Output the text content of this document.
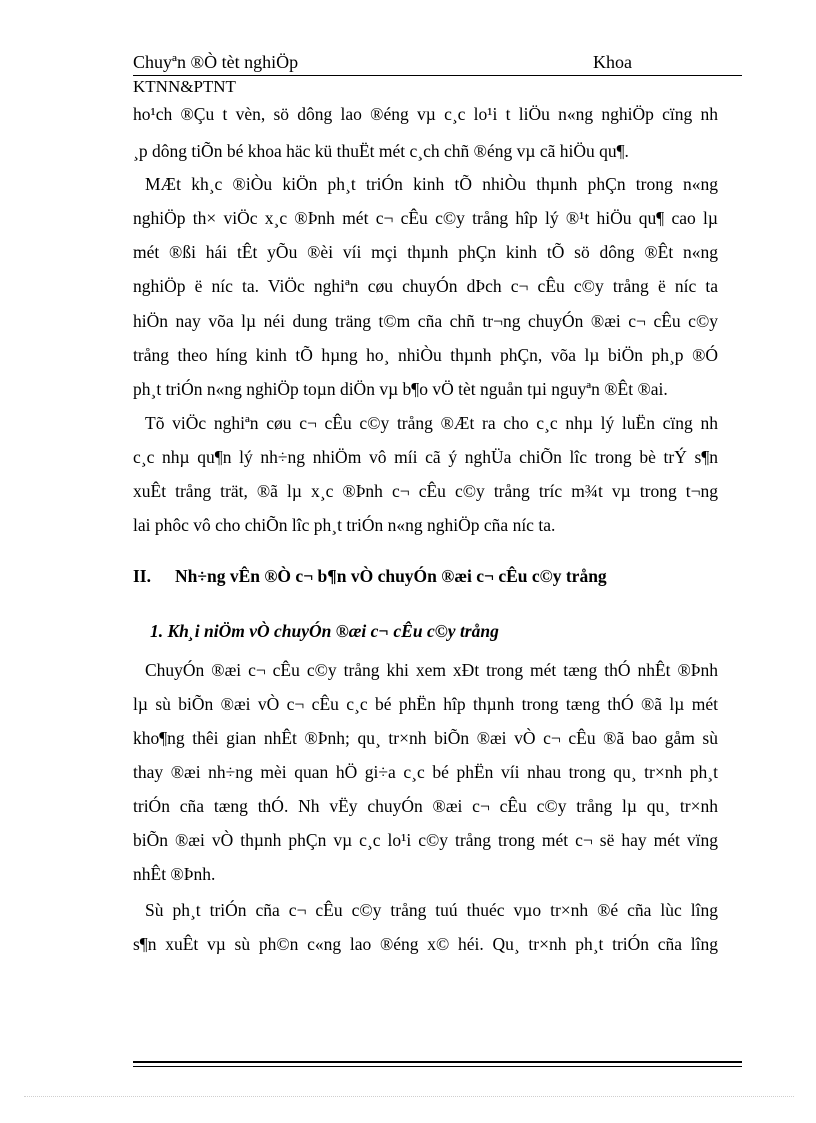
Chuyªn ®Ò tèt nghiÖp	Khoa
KTNN&PTNT
ho¹ch ®Çu t vèn, sö dông lao ®éng vµ c¸c lo¹i t liÖu n«ng nghiÖp cïng nh
¸p dông tiÕn bé khoa häc kü thuËt mét c¸ch chñ ®éng vµ cã hiÖu qu¶.
MÆt kh¸c ®iÒu kiÖn ph¸t triÓn kinh tÕ nhiÒu thµnh phÇn trong n«ng
nghiÖp th× viÖc x¸c ®Þnh mét c¬ cÊu c©y trång hîp lý ®¹t hiÖu qu¶ cao lµ
mét ®ßi hái tÊt yÕu ®èi víi mçi thµnh phÇn kinh tÕ sö dông ®Êt n«ng
nghiÖp ë níc ta. ViÖc nghiªn cøu chuyÓn dÞch c¬ cÊu c©y trång ë níc ta
hiÖn nay võa lµ néi dung träng t©m cña chñ tr¬ng chuyÓn ®æi c¬ cÊu c©y
trång theo híng kinh tÕ hµng ho¸ nhiÒu thµnh phÇn, võa lµ biÖn ph¸p ®Ó
ph¸t triÓn n«ng nghiÖp toµn diÖn vµ b¶o vÖ tèt nguån tµi nguyªn ®Êt ®ai.
Tõ viÖc nghiªn cøu c¬ cÊu c©y trång ®Æt ra cho c¸c nhµ lý luËn cïng nh
c¸c nhµ qu¶n lý nh÷ng nhiÖm vô míi cã ý nghÜa chiÕn lîc trong bè trÝ s¶n
xuÊt trång trät, ®ã lµ x¸c ®Þnh c¬ cÊu c©y trång tríc m¾t vµ trong t¬ng
lai phôc vô cho chiÕn lîc ph¸t triÓn n«ng nghiÖp cña níc ta.
II. Nh÷ng vÊn ®Ò c¬ b¶n vÒ chuyÓn ®æi c¬ cÊu c©y trång
1. Kh¸i niÖm vÒ chuyÓn ®æi c¬ cÊu c©y trång
ChuyÓn ®æi c¬ cÊu c©y trång khi xem xÐt trong mét tæng thÓ nhÊt ®Þnh
lµ sù biÕn ®æi vÒ c¬ cÊu c¸c bé phËn hîp thµnh trong tæng thÓ ®ã lµ mét
kho¶ng thêi gian nhÊt ®Þnh; qu¸ tr×nh biÕn ®æi vÒ c¬ cÊu ®ã bao gåm sù
thay ®æi nh÷ng mèi quan hÖ gi÷a c¸c bé phËn víi nhau trong qu¸ tr×nh ph¸t
triÓn cña tæng thÓ. Nh vËy chuyÓn ®æi c¬ cÊu c©y trång lµ qu¸ tr×nh
biÕn ®æi vÒ thµnh phÇn vµ c¸c lo¹i c©y trång trong mét c¬ së hay mét vïng
nhÊt ®Þnh.
Sù ph¸t triÓn cña c¬ cÊu c©y trång tuú thuéc vµo tr×nh ®é cña lùc lîng
s¶n xuÊt vµ sù ph©n c«ng lao ®éng x© héi. Qu¸ tr×nh ph¸t triÓn cña lîng
